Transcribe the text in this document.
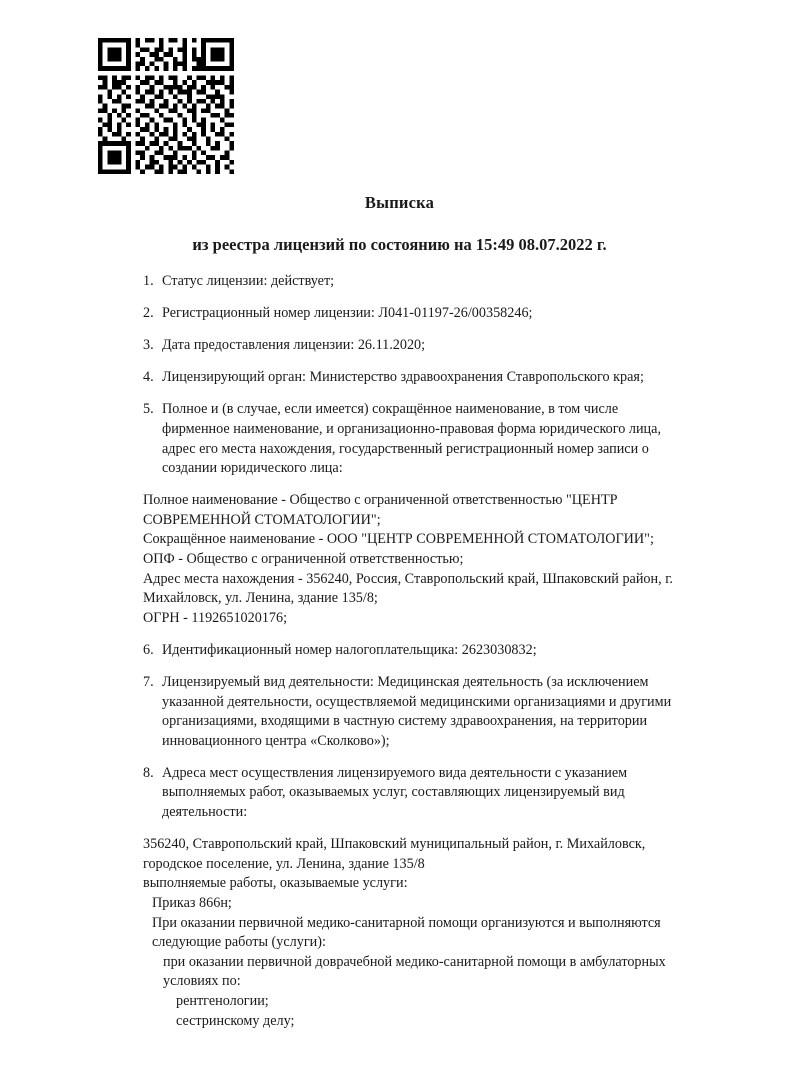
Выписка
из реестра лицензий по состоянию на 15:49 08.07.2022 г.
1. Статус лицензии: действует;
2. Регистрационный номер лицензии: Л041-01197-26/00358246;
3. Дата предоставления лицензии: 26.11.2020;
4. Лицензирующий орган: Министерство здравоохранения Ставропольского края;
5. Полное и (в случае, если имеется) сокращённое наименование, в том числе фирменное наименование, и организационно-правовая форма юридического лица, адрес его места нахождения, государственный регистрационный номер записи о создании юридического лица:
Полное наименование - Общество с ограниченной ответственностью "ЦЕНТР СОВРЕМЕННОЙ СТОМАТОЛОГИИ";
Сокращённое наименование - ООО "ЦЕНТР СОВРЕМЕННОЙ СТОМАТОЛОГИИ";
ОПФ - Общество с ограниченной ответственностью;
Адрес места нахождения - 356240, Россия, Ставропольский край, Шпаковский район, г. Михайловск, ул. Ленина, здание 135/8;
ОГРН - 1192651020176;
6. Идентификационный номер налогоплательщика: 2623030832;
7. Лицензируемый вид деятельности: Медицинская деятельность (за исключением указанной деятельности, осуществляемой медицинскими организациями и другими организациями, входящими в частную систему здравоохранения, на территории инновационного центра «Сколково»);
8. Адреса мест осуществления лицензируемого вида деятельности с указанием выполняемых работ, оказываемых услуг, составляющих лицензируемый вид деятельности:
356240, Ставропольский край, Шпаковский муниципальный район, г. Михайловск, городское поселение, ул. Ленина, здание 135/8
выполняемые работы, оказываемые услуги:
Приказ 866н;
При оказании первичной медико-санитарной помощи организуются и выполняются следующие работы (услуги):
при оказании первичной доврачебной медико-санитарной помощи в амбулаторных условиях по:
рентгенологии;
сестринскому делу;
